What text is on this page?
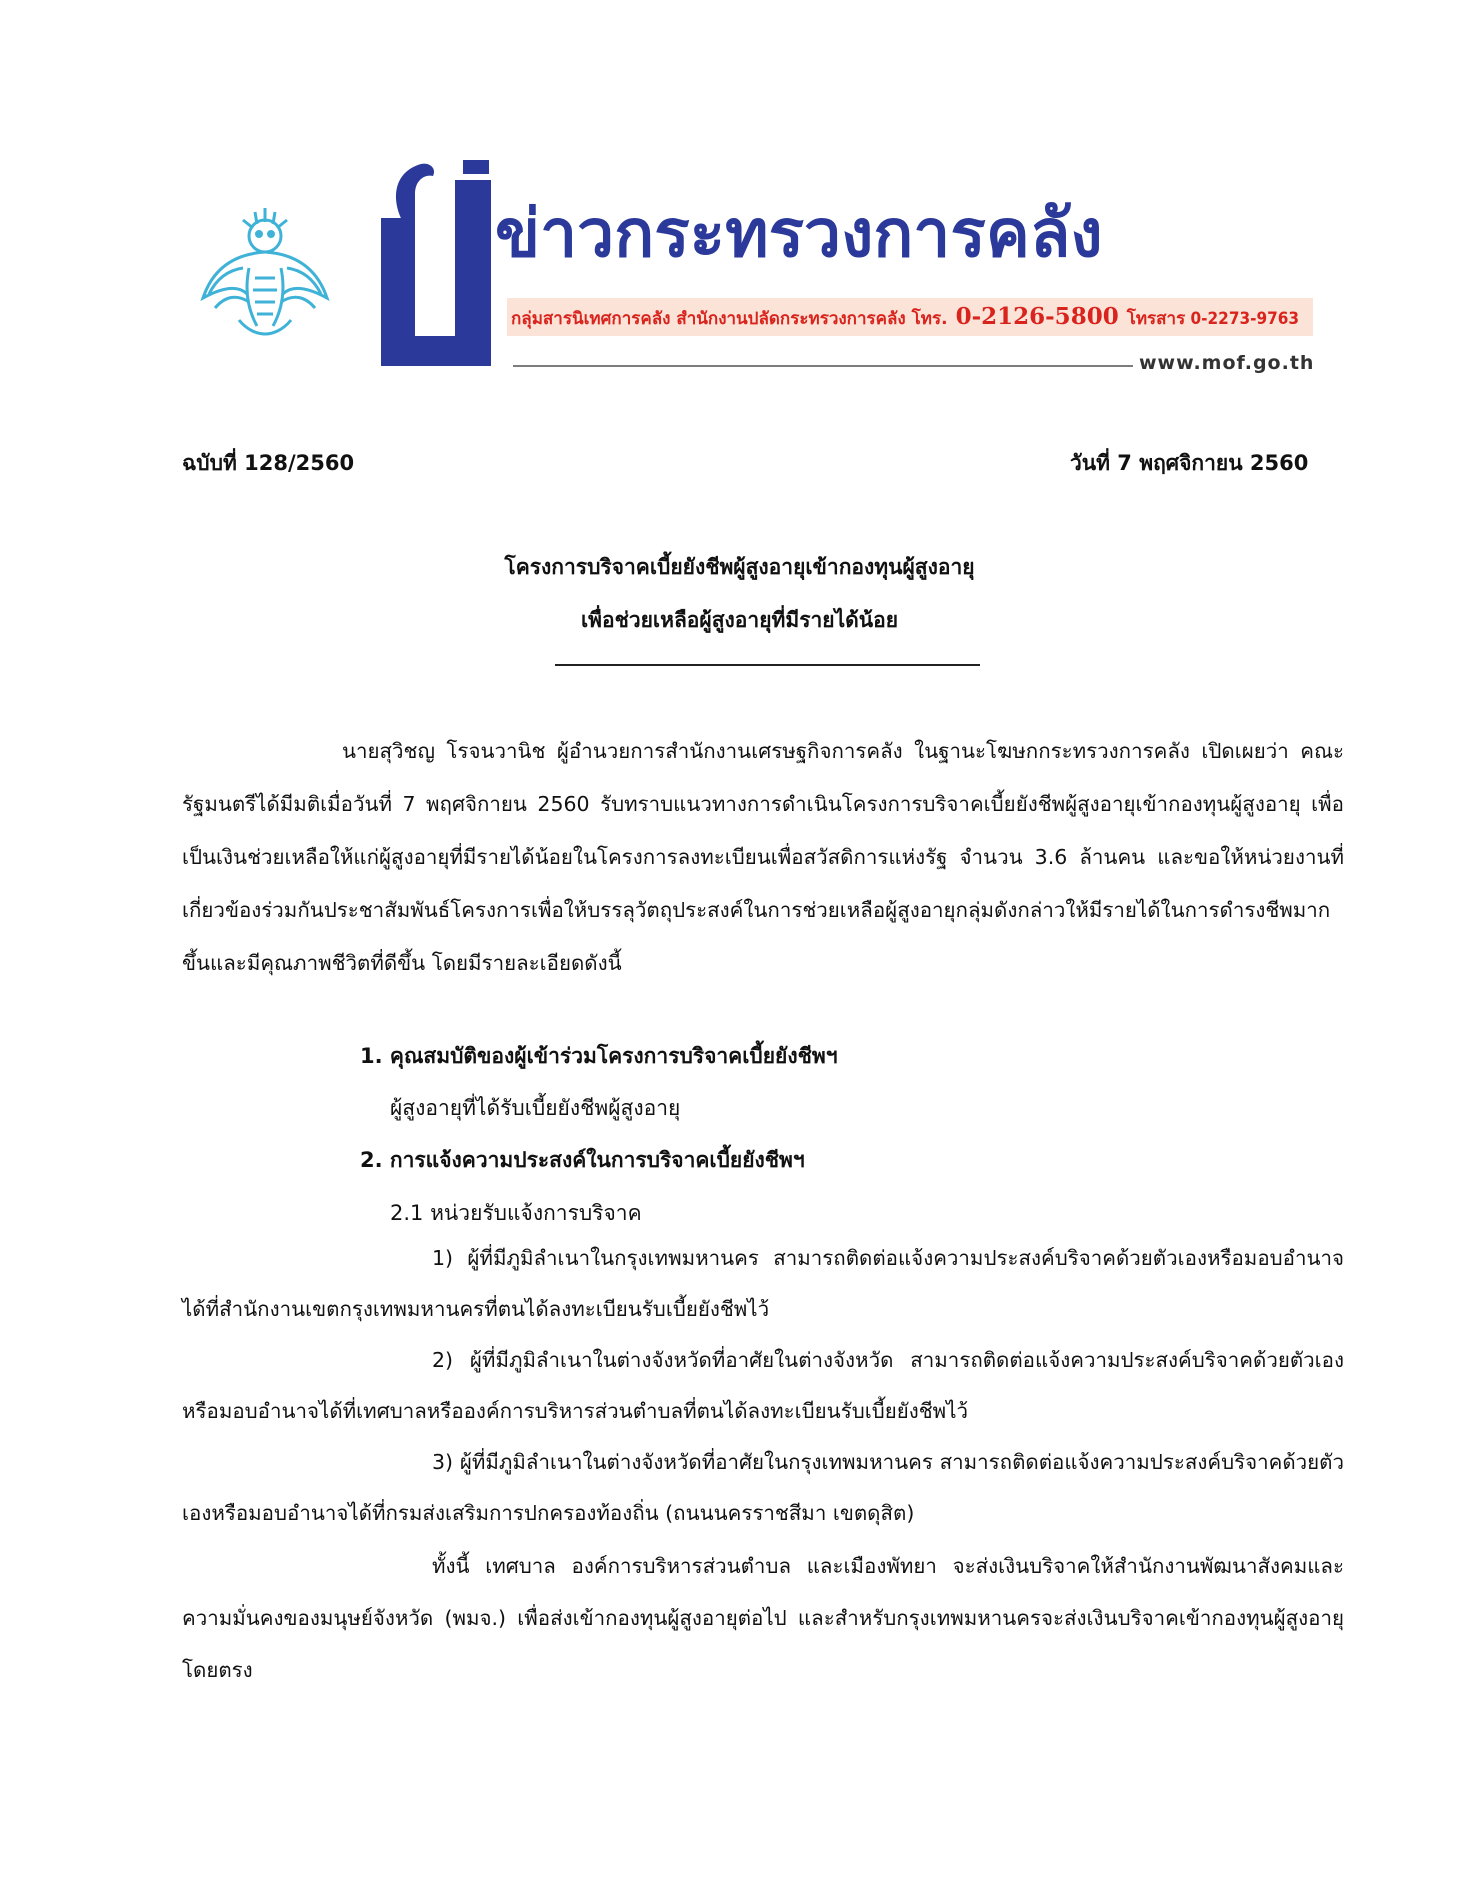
ข่าวกระทรวงการคลัง
กลุ่มสารนิเทศการคลัง สำนักงานปลัดกระทรวงการคลัง โทร. 0-2126-5800 โทรสาร 0-2273-9763
www.mof.go.th
ฉบับที่ 128/2560	วันที่ 7 พฤศจิกายน 2560
โครงการบริจาคเบี้ยยังชีพผู้สูงอายุเข้ากองทุนผู้สูงอายุ
เพื่อช่วยเหลือผู้สูงอายุที่มีรายได้น้อย
นายสุวิชญ โรจนวานิช ผู้อำนวยการสำนักงานเศรษฐกิจการคลัง ในฐานะโฆษกกระทรวงการคลัง เปิดเผยว่า คณะรัฐมนตรีได้มีมติเมื่อวันที่ 7 พฤศจิกายน 2560 รับทราบแนวทางการดำเนินโครงการบริจาคเบี้ยยังชีพผู้สูงอายุเข้ากองทุนผู้สูงอายุ เพื่อเป็นเงินช่วยเหลือให้แก่ผู้สูงอายุที่มีรายได้น้อยในโครงการลงทะเบียนเพื่อสวัสดิการแห่งรัฐ จำนวน 3.6 ล้านคน และขอให้หน่วยงานที่เกี่ยวข้องร่วมกันประชาสัมพันธ์โครงการเพื่อให้บรรลุวัตถุประสงค์ในการช่วยเหลือผู้สูงอายุกลุ่มดังกล่าวให้มีรายได้ในการดำรงชีพมากขึ้นและมีคุณภาพชีวิตที่ดีขึ้น โดยมีรายละเอียดดังนี้
1. คุณสมบัติของผู้เข้าร่วมโครงการบริจาคเบี้ยยังชีพฯ
ผู้สูงอายุที่ได้รับเบี้ยยังชีพผู้สูงอายุ
2. การแจ้งความประสงค์ในการบริจาคเบี้ยยังชีพฯ
2.1 หน่วยรับแจ้งการบริจาค
1) ผู้ที่มีภูมิลำเนาในกรุงเทพมหานคร สามารถติดต่อแจ้งความประสงค์บริจาคด้วยตัวเองหรือมอบอำนาจได้ที่สำนักงานเขตกรุงเทพมหานครที่ตนได้ลงทะเบียนรับเบี้ยยังชีพไว้
2) ผู้ที่มีภูมิลำเนาในต่างจังหวัดที่อาศัยในต่างจังหวัด สามารถติดต่อแจ้งความประสงค์บริจาคด้วยตัวเองหรือมอบอำนาจได้ที่เทศบาลหรือองค์การบริหารส่วนตำบลที่ตนได้ลงทะเบียนรับเบี้ยยังชีพไว้
3) ผู้ที่มีภูมิลำเนาในต่างจังหวัดที่อาศัยในกรุงเทพมหานคร สามารถติดต่อแจ้งความประสงค์บริจาคด้วยตัวเองหรือมอบอำนาจได้ที่กรมส่งเสริมการปกครองท้องถิ่น (ถนนนครราชสีมา เขตดุสิต)
ทั้งนี้ เทศบาล องค์การบริหารส่วนตำบล และเมืองพัทยา จะส่งเงินบริจาคให้สำนักงานพัฒนาสังคมและความมั่นคงของมนุษย์จังหวัด (พมจ.) เพื่อส่งเข้ากองทุนผู้สูงอายุต่อไป และสำหรับกรุงเทพมหานครจะส่งเงินบริจาคเข้ากองทุนผู้สูงอายุโดยตรง
